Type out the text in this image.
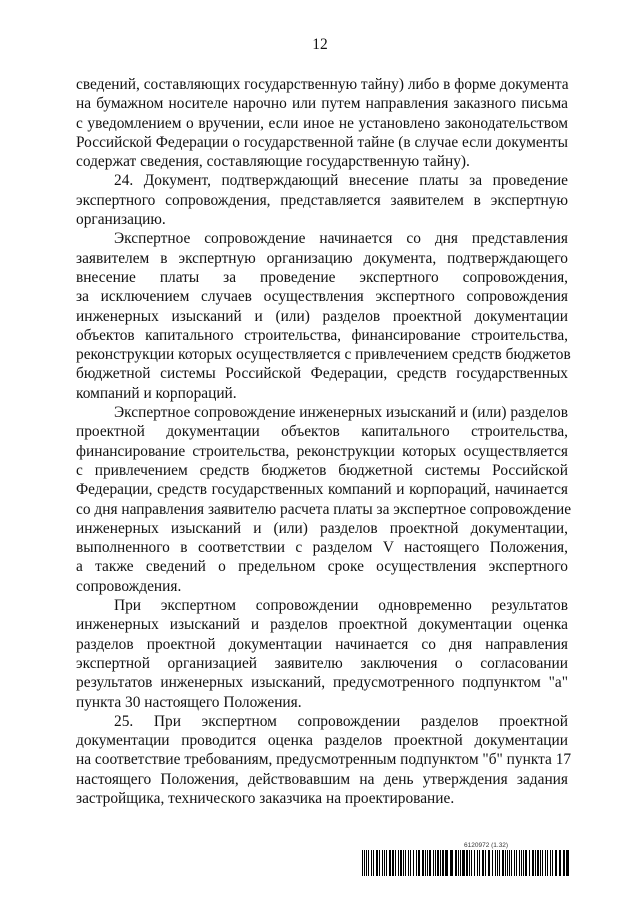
12
сведений, составляющих государственную тайну) либо в форме документа
на бумажном носителе нарочно или путем направления заказного письма
с уведомлением о вручении, если иное не установлено законодательством
Российской Федерации о государственной тайне (в случае если документы
содержат сведения, составляющие государственную тайну).
24. Документ, подтверждающий внесение платы за проведение
экспертного сопровождения, представляется заявителем в экспертную
организацию.
Экспертное сопровождение начинается со дня представления
заявителем в экспертную организацию документа, подтверждающего
внесение платы за проведение экспертного сопровождения,
за исключением случаев осуществления экспертного сопровождения
инженерных изысканий и (или) разделов проектной документации
объектов капитального строительства, финансирование строительства,
реконструкции которых осуществляется с привлечением средств бюджетов
бюджетной системы Российской Федерации, средств государственных
компаний и корпораций.
Экспертное сопровождение инженерных изысканий и (или) разделов
проектной документации объектов капитального строительства,
финансирование строительства, реконструкции которых осуществляется
с привлечением средств бюджетов бюджетной системы Российской
Федерации, средств государственных компаний и корпораций, начинается
со дня направления заявителю расчета платы за экспертное сопровождение
инженерных изысканий и (или) разделов проектной документации,
выполненного в соответствии с разделом V настоящего Положения,
а также сведений о предельном сроке осуществления экспертного
сопровождения.
При экспертном сопровождении одновременно результатов
инженерных изысканий и разделов проектной документации оценка
разделов проектной документации начинается со дня направления
экспертной организацией заявителю заключения о согласовании
результатов инженерных изысканий, предусмотренного подпунктом "а"
пункта 30 настоящего Положения.
25. При экспертном сопровождении разделов проектной
документации проводится оценка разделов проектной документации
на соответствие требованиям, предусмотренным подпунктом "б" пункта 17
настоящего Положения, действовавшим на день утверждения задания
застройщика, технического заказчика на проектирование.
6120972 (1.32)
